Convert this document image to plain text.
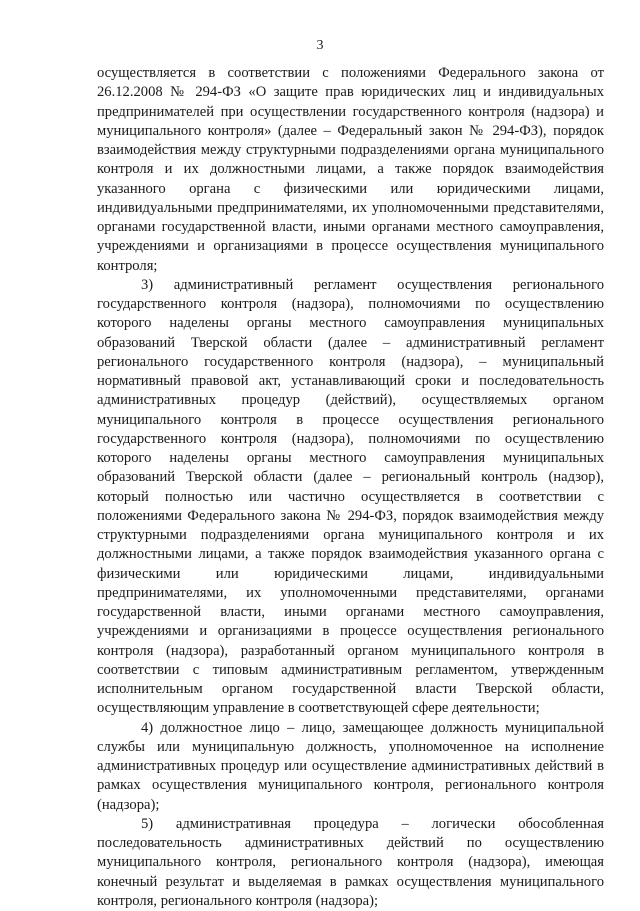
3

осуществляется в соответствии с положениями Федерального закона от 26.12.2008 № 294-ФЗ «О защите прав юридических лиц и индивидуальных предпринимателей при осуществлении государственного контроля (надзора) и муниципального контроля» (далее – Федеральный закон № 294-ФЗ), порядок взаимодействия между структурными подразделениями органа муниципального контроля и их должностными лицами, а также порядок взаимодействия указанного органа с физическими или юридическими лицами, индивидуальными предпринимателями, их уполномоченными представителями, органами государственной власти, иными органами местного самоуправления, учреждениями и организациями в процессе осуществления муниципального контроля;

3) административный регламент осуществления регионального государственного контроля (надзора), полномочиями по осуществлению которого наделены органы местного самоуправления муниципальных образований Тверской области (далее – административный регламент регионального государственного контроля (надзора), – муниципальный нормативный правовой акт, устанавливающий сроки и последовательность административных процедур (действий), осуществляемых органом муниципального контроля в процессе осуществления регионального государственного контроля (надзора), полномочиями по осуществлению которого наделены органы местного самоуправления муниципальных образований Тверской области (далее – региональный контроль (надзор), который полностью или частично осуществляется в соответствии с положениями Федерального закона № 294-ФЗ, порядок взаимодействия между структурными подразделениями органа муниципального контроля и их должностными лицами, а также порядок взаимодействия указанного органа с физическими или юридическими лицами, индивидуальными предпринимателями, их уполномоченными представителями, органами государственной власти, иными органами местного самоуправления, учреждениями и организациями в процессе осуществления регионального контроля (надзора), разработанный органом муниципального контроля в соответствии с типовым административным регламентом, утвержденным исполнительным органом государственной власти Тверской области, осуществляющим управление в соответствующей сфере деятельности;

4) должностное лицо – лицо, замещающее должность муниципальной службы или муниципальную должность, уполномоченное на исполнение административных процедур или осуществление административных действий в рамках осуществления муниципального контроля, регионального контроля (надзора);

5) административная процедура – логически обособленная последовательность административных действий по осуществлению муниципального контроля, регионального контроля (надзора), имеющая конечный результат и выделяемая в рамках осуществления муниципального контроля, регионального контроля (надзора);
